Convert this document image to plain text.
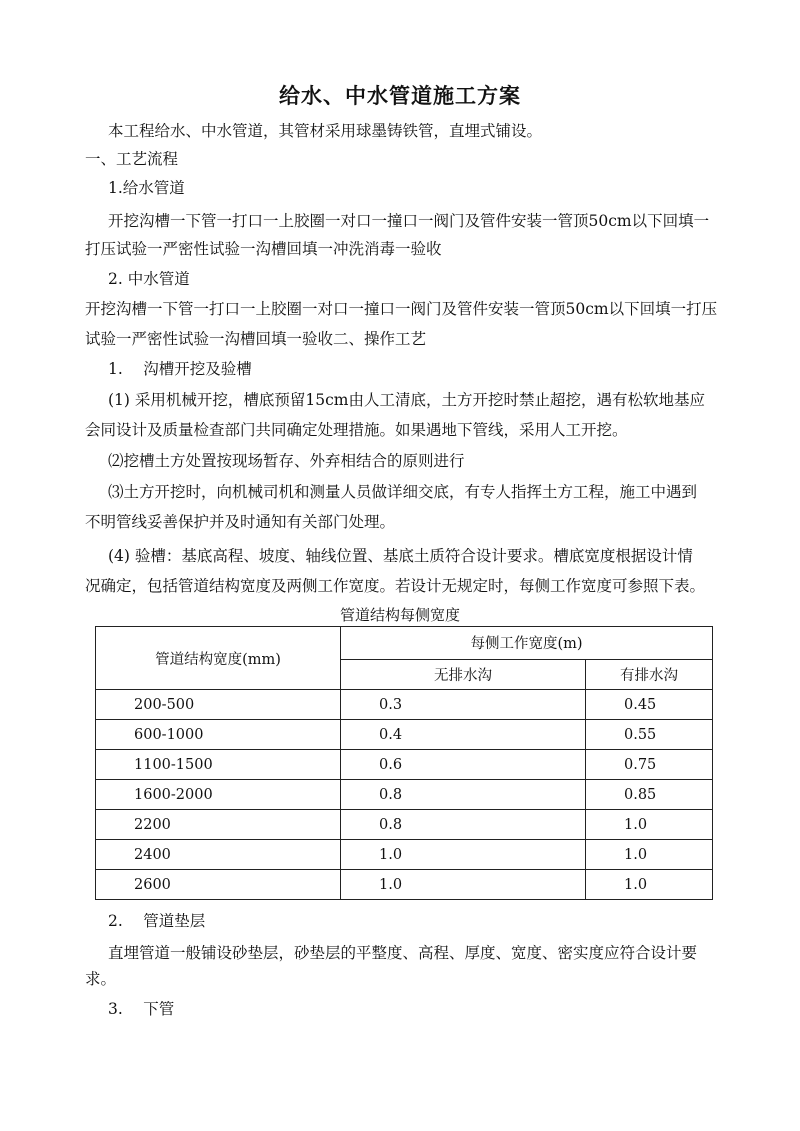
给水、中水管道施工方案
本工程给水、中水管道，其管材采用球墨铸铁管，直埋式铺设。
一、工艺流程
1.给水管道
开挖沟槽一下管一打口一上胶圈一对口一撞口一阀门及管件安装一管顶50cm以下回填一
打压试验一严密性试验一沟槽回填一冲洗消毒一验收
2. 中水管道
开挖沟槽一下管一打口一上胶圈一对口一撞口一阀门及管件安装一管顶50cm以下回填一打压
试验一严密性试验一沟槽回填一验收二、操作工艺
1.　 沟槽开挖及验槽
(1) 采用机械开挖，槽底预留15cm由人工清底，土方开挖时禁止超挖，遇有松软地基应
会同设计及质量检查部门共同确定处理措施。如果遇地下管线，采用人工开挖。
⑵挖槽土方处置按现场暂存、外弃相结合的原则进行
⑶土方开挖时，向机械司机和测量人员做详细交底，有专人指挥土方工程，施工中遇到
不明管线妥善保护并及时通知有关部门处理。
(4) 验槽：基底高程、坡度、轴线位置、基底土质符合设计要求。槽底宽度根据设计情
况确定，包括管道结构宽度及两侧工作宽度。若设计无规定时，每侧工作宽度可参照下表。
管道结构每侧宽度
管道结构宽度(mm)	每侧工作宽度(m)	
	无排水沟	有排水沟
200-500	0.3	0.45
600-1000	0.4	0.55
1100-1500	0.6	0.75
1600-2000	0.8	0.85
2200	0.8	1.0
2400	1.0	1.0
2600	1.0	1.0
2.　 管道垫层
直埋管道一般铺设砂垫层，砂垫层的平整度、高程、厚度、宽度、密实度应符合设计要
求。
3.　 下管
